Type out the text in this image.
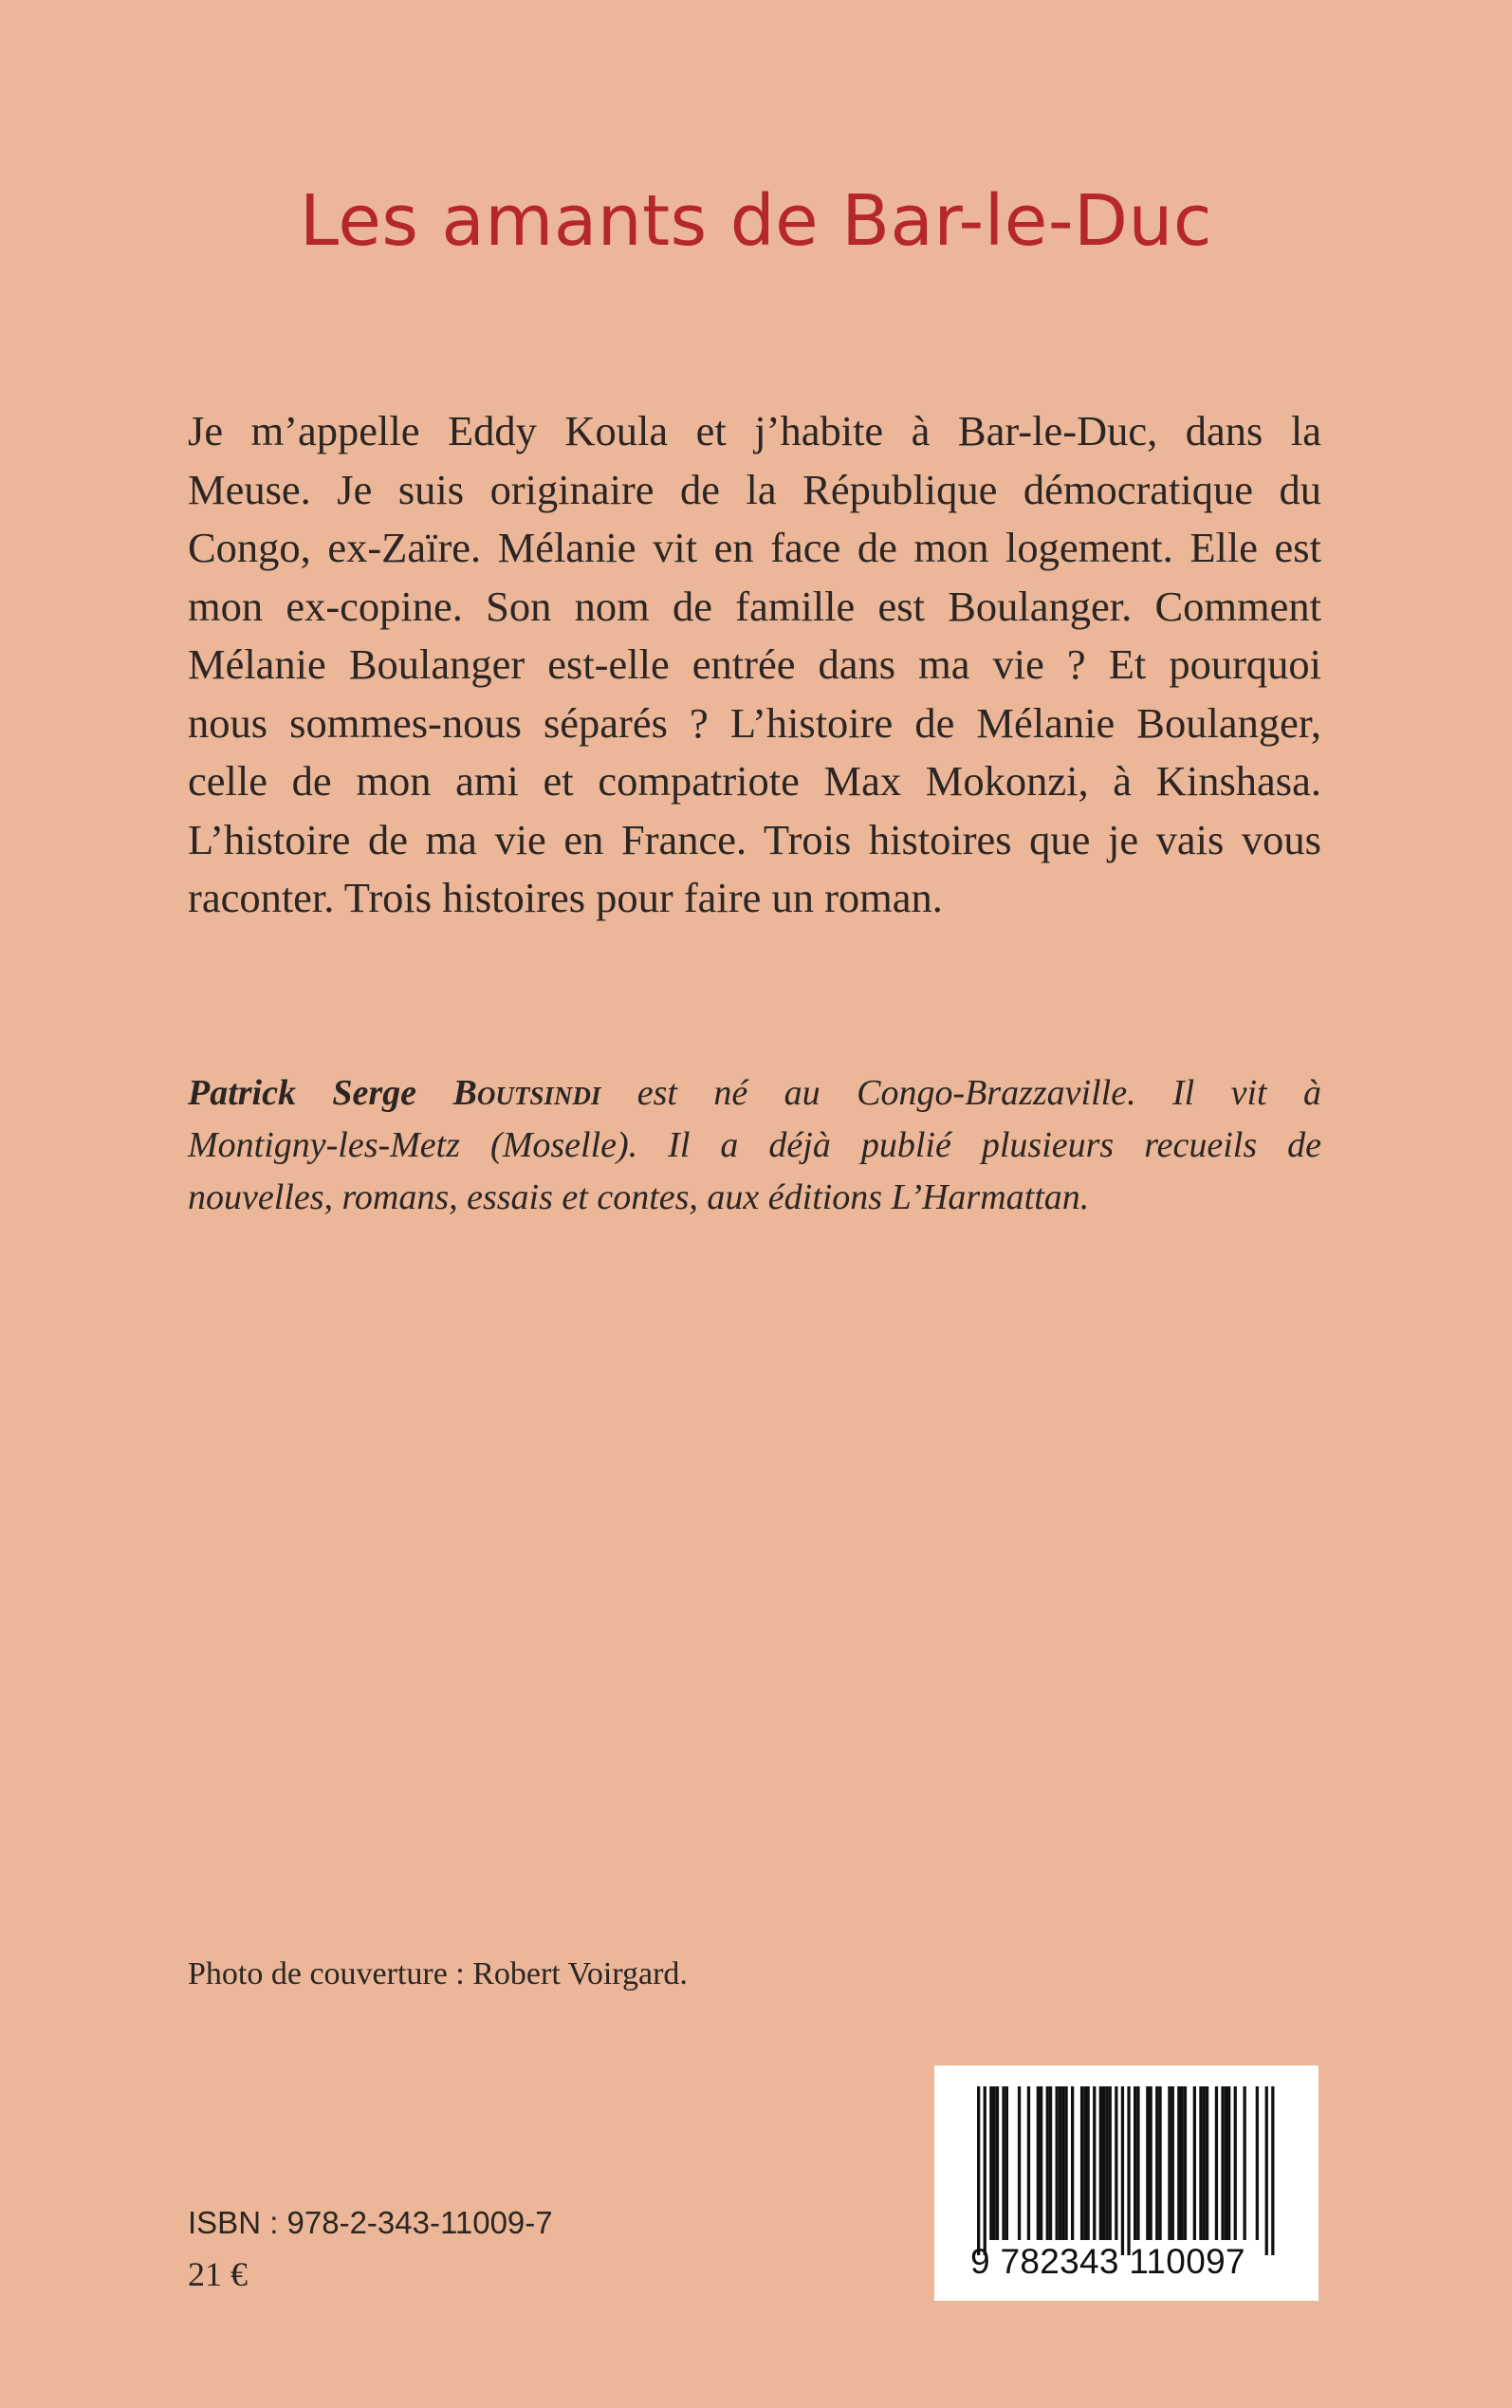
Les amants de Bar-le-Duc
Je m’appelle Eddy Koula et j’habite à Bar-le-Duc, dans la
Meuse. Je suis originaire de la République démocratique du
Congo, ex-Zaïre. Mélanie vit en face de mon logement. Elle est
mon ex-copine. Son nom de famille est Boulanger. Comment
Mélanie Boulanger est-elle entrée dans ma vie ? Et pourquoi
nous sommes-nous séparés ? L’histoire de Mélanie Boulanger,
celle de mon ami et compatriote Max Mokonzi, à Kinshasa.
L’histoire de ma vie en France. Trois histoires que je vais vous
raconter. Trois histoires pour faire un roman.
Patrick Serge Boutsindi est né au Congo-Brazzaville. Il vit à
Montigny-les-Metz (Moselle). Il a déjà publié plusieurs recueils de
nouvelles, romans, essais et contes, aux éditions L’Harmattan.
Photo de couverture : Robert Voirgard.
ISBN : 978-2-343-11009-7
21 €	9 782343 110097
